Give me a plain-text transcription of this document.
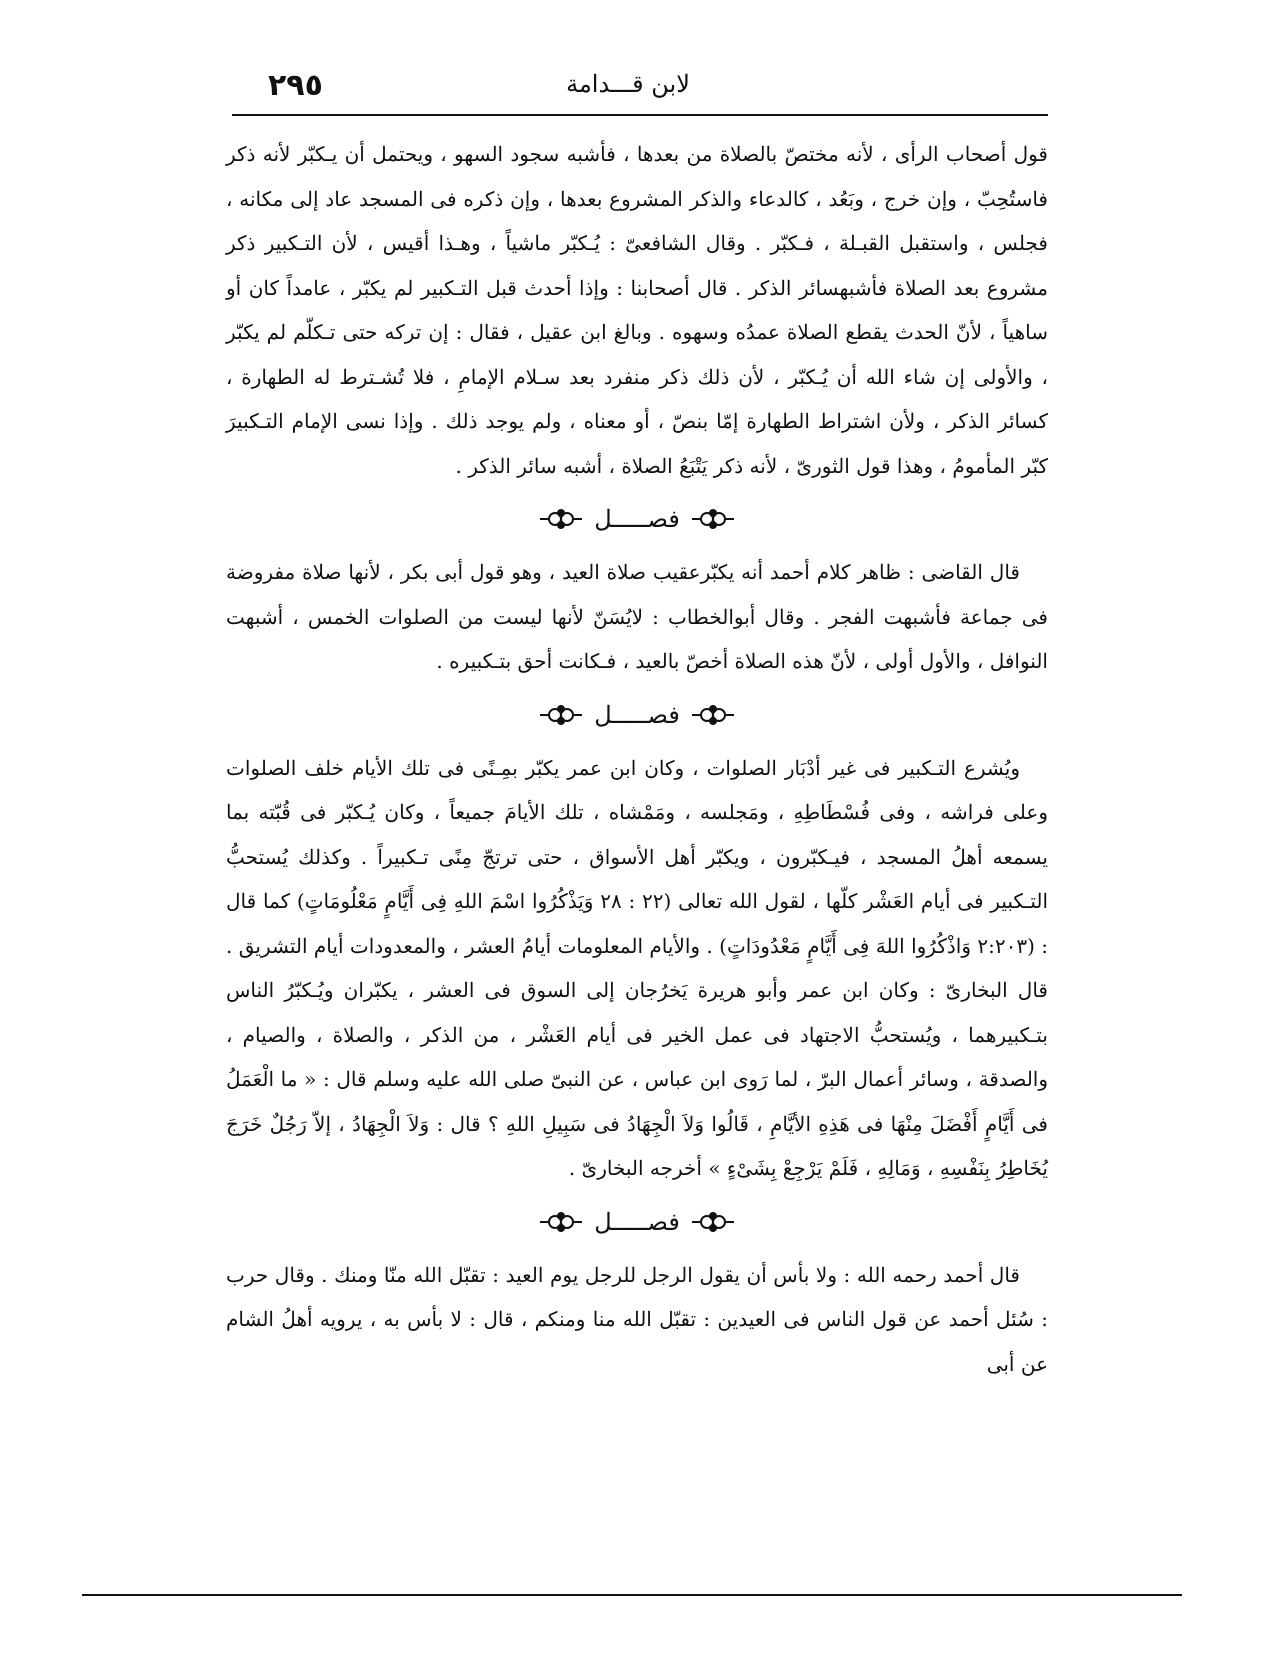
٢٩٥	لابن قـــدامة

قول أصحاب الرأى ، لأنه مختصّ بالصلاة من بعدها ، فأشبه سجود السهو ، ويحتمل أن يـكبّر لأنه ذكر فاستُحِبّ ، وإن خرج ، وبَعُد ، كالدعاء والذكر المشروع بعدها ، وإن ذكره فى المسجد عاد إلى مكانه ، فجلس ، واستقبل القبـلة ، فـكبّر . وقال الشافعىّ : يُـكبّر ماشياً ، وهـذا أقيس ، لأن التـكبير ذكر مشروع بعد الصلاة فأشبهسائر الذكر . قال أصحابنا : وإذا أحدث قبل التـكبير لم يكبّر ، عامداً كان أو ساهياً ، لأنّ الحدث يقطع الصلاة عمدُه وسهوه . وبالغ ابن عقيل ، فقال : إن تركه حتى تـكلّم لم يكبّر ، والأولى إن شاء الله أن يُـكبّر ، لأن ذلك ذكر منفرد بعد سـلام الإمامِ ، فلا تُشـترط له الطهارة ، كسائر الذكر ، ولأن اشتراط الطهارة إمّا بنصّ ، أو معناه ، ولم يوجد ذلك . وإذا نسى الإمام التـكبيرَ كبّر المأمومُ ، وهذا قول الثورىّ ، لأنه ذكر يَتْبَعُ الصلاة ، أشبه سائر الذكر .

فصـــــل

قال القاضى : ظاهر كلام أحمد أنه يكبّرعقيب صلاة العيد ، وهو قول أبى بكر ، لأنها صلاة مفروضة فى جماعة فأشبهت الفجر . وقال أبوالخطاب : لايُسَنّ لأنها ليست من الصلوات الخمس ، أشبهت النوافل ، والأول أولى ، لأنّ هذه الصلاة أخصّ بالعيد ، فـكانت أحق بتـكبيره .

فصـــــل

ويُشرع التـكبير فى غير أدْبَار الصلوات ، وكان ابن عمر يكبّر بمِـنًى فى تلك الأيام خلف الصلوات وعلى فراشه ، وفى فُسْطَاطِهِ ، ومَجلسه ، ومَمْشاه ، تلك الأيامَ جميعاً ، وكان يُـكبّر فى قُبّته بما يسمعه أهلُ المسجد ، فيـكبّرون ، ويكبّر أهل الأسواق ، حتى ترتجّ مِنًى تـكبيراً . وكذلك يُستحبُّ التـكبير فى أيام العَشْر كلّها ، لقول الله تعالى (٢٢ : ٢٨ وَيَذْكُرُوا اسْمَ اللهِ فِى أَيَّامٍ مَعْلُومَاتٍ) كما قال : (٢:٢٠٣ وَاذْكُرُوا اللهَ فِى أَيَّامٍ مَعْدُودَاتٍ) . والأيام المعلومات أيامُ العشر ، والمعدودات أيام التشريق . قال البخارىّ : وكان ابن عمر وأبو هريرة يَخرُجان إلى السوق فى العشر ، يكبّران ويُـكبّرُ الناس بتـكبيرهما ، ويُستحبُّ الاجتهاد فى عمل الخير فى أيام العَشْر ، من الذكر ، والصلاة ، والصيام ، والصدقة ، وسائر أعمال البرّ ، لما رَوى ابن عباس ، عن النبىّ صلى الله عليه وسلم قال : « ما الْعَمَلُ فى أَيَّامٍ أَفْضَلَ مِنْهَا فى هَذِهِ الأيَّامِ ، قَالُوا وَلاَ الْجِهَادُ فى سَبِيلِ اللهِ ؟ قال : وَلاَ الْجِهَادُ ، إلاّ رَجُلٌ خَرَجَ يُخَاطِرُ بِنَفْسِهِ ، وَمَالِهِ ، فَلَمْ يَرْجِعْ بِشَىْءٍ » أخرجه البخارىّ .

فصـــــل

قال أحمد رحمه الله : ولا بأس أن يقول الرجل للرجل يوم العيد : تقبّل الله منّا ومنك . وقال حرب : سُئل أحمد عن قول الناس فى العيدين : تقبّل الله منا ومنكم ، قال : لا بأس به ، يرويه أهلُ الشام عن أبى
